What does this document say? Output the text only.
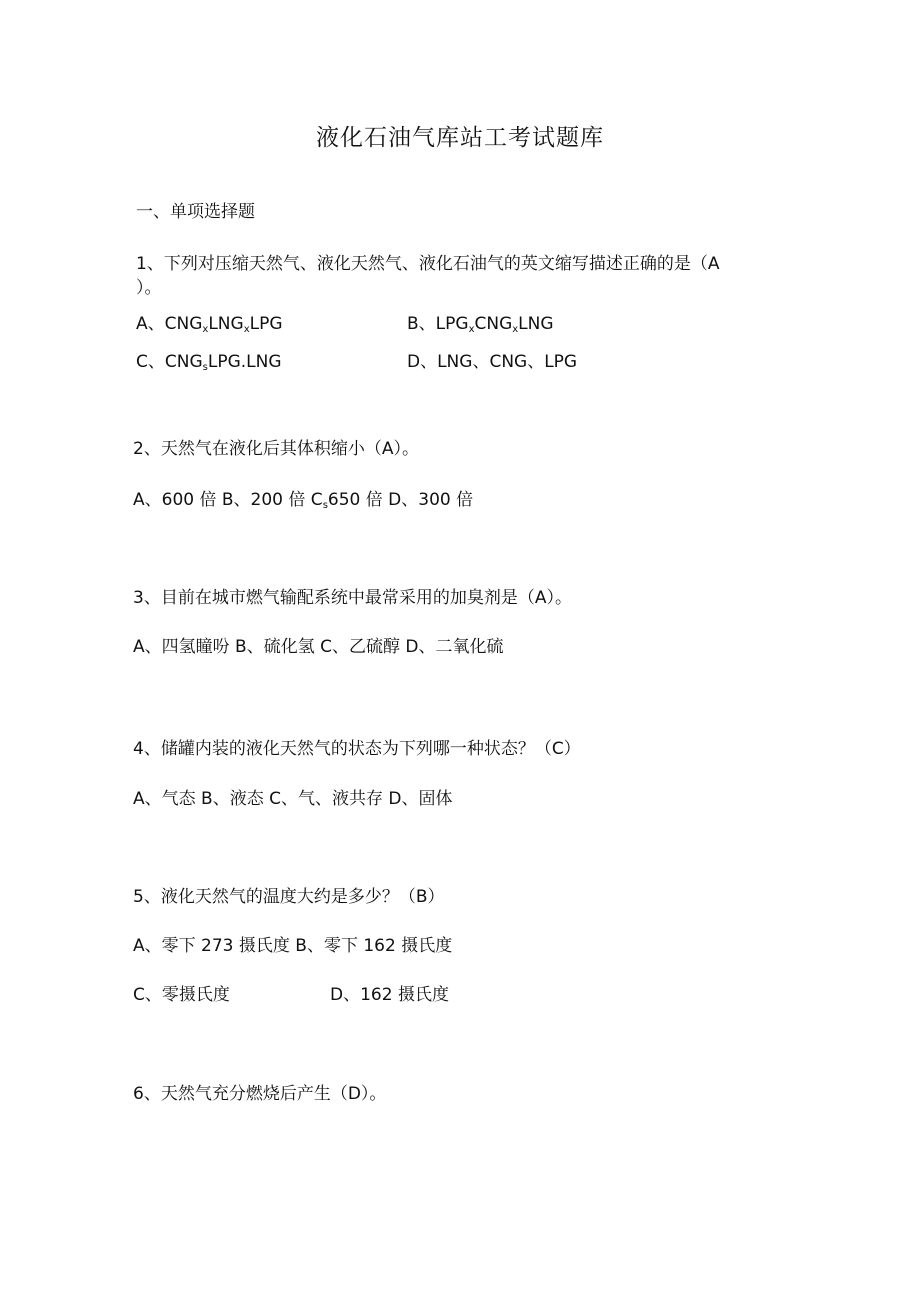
液化石油气库站工考试题库
一、单项选择题
1、下列对压缩天然气、液化天然气、液化石油气的英文缩写描述正确的是（A
）。
A、$CNG_xLNG_xLPG$	B、$LPG_xCNG_xLNG$
C、$CNG_sLPG.LNG$	D、LNG、CNG、LPG
2、天然气在液化后其体积缩小（A）。
A、600 倍 B、200 倍 $C_s650$ 倍 D、300 倍
3、目前在城市燃气输配系统中最常采用的加臭剂是（A）。
A、四氢瞳吩 B、硫化氢 C、乙硫醇 D、二氧化硫
4、储罐内装的液化天然气的状态为下列哪一种状态？（C）
A、气态 B、液态 C、气、液共存 D、固体
5、液化天然气的温度大约是多少？（B）
A、零下 273 摄氏度 B、零下 162 摄氏度
C、零摄氏度	D、162 摄氏度
6、天然气充分燃烧后产生（D）。
